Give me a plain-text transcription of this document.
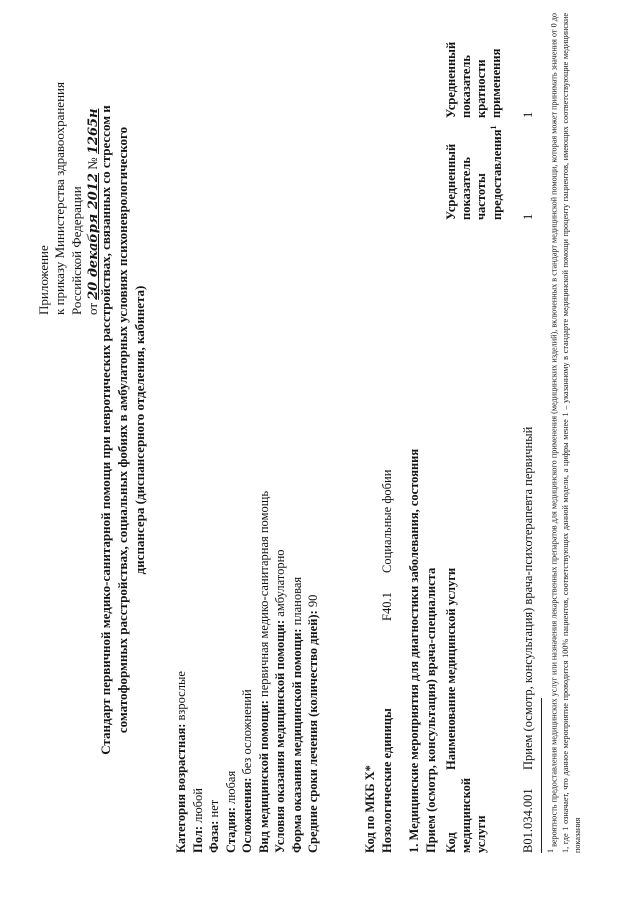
Приложение к приказу Министерства здравоохранения Российской Федерации от 20 декабря 2012 № 1265н
Стандарт первичной медико-санитарной помощи при невротических расстройствах, связанных со стрессом и соматоформных расстройствах, социальных фобиях в амбулаторных условиях психоневрологического диспансера (диспансерного отделения, кабинета)
Категория возрастная: взрослые
Пол: любой
Фаза: нет Стадия: любая Осложнения: без осложнений Вид медицинской помощи: первичная медико-санитарная помощь
Условия оказания медицинской помощи: амбулаторно
Форма оказания медицинской помощи: плановая
Средние сроки лечения (количество дней): 90
Код по МКБ Х* Нозологические единицы
F40.1
Социальные фобии 1. Медицинские мероприятия для диагностики заболевания, состояния Прием (осмотр, консультация) врача-специалиста Код медицинской услуги
Наименование медицинской услуги
Усредненный показатель частоты предоставления$^1$
Усредненный показатель кратности применения
B01.034.001
Прием (осмотр, консультация) врача-психотерапевта первичный
1
1
$^1$ вероятность предоставления медицинских услуг или назначения лекарственных препаратов для медицинского применения (медицинских изделий), включенных в стандарт медицинской помощи, которая может принимать значения от 0 до 1, где 1 означает, что данное мероприятие проводится 100% пациентов, соответствующих данной модели, а цифры менее 1 – указанному в стандарте медицинской помощи проценту пациентов, имеющих соответствующие медицинские показания
